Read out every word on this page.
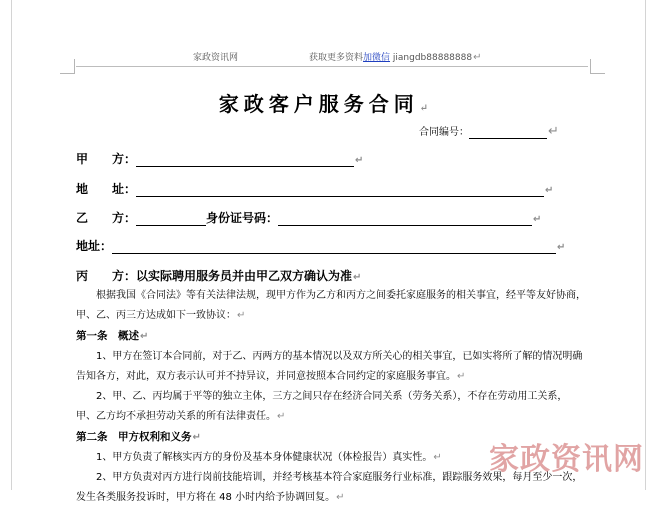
家政资讯网	获取更多资料加微信 jiangdb88888888↵
家政客户服务合同↵
合同编号：	↵
甲　　方：	↵
地　　址：	↵
乙　　方：	身份证号码：	↵
地址：	↵
丙　　方：以实际聘用服务员并由甲乙双方确认为准↵
根据我国《合同法》等有关法律法规，现甲方作为乙方和丙方之间委托家庭服务的相关事宜，经平等友好协商，甲、乙、丙三方达成如下一致协议：↵
第一条　概述↵
1、甲方在签订本合同前，对于乙、丙两方的基本情况以及双方所关心的相关事宜，已如实将所了解的情况明确告知各方，对此，双方表示认可并不持异议，并同意按照本合同约定的家庭服务事宜。↵
2、甲、乙、丙均属于平等的独立主体，三方之间只存在经济合同关系（劳务关系），不存在劳动用工关系，甲、乙方均不承担劳动关系的所有法律责任。↵
第二条　甲方权利和义务↵
1、甲方负责了解核实丙方的身份及基本身体健康状况（体检报告）真实性。↵
2、甲方负责对丙方进行岗前技能培训，并经考核基本符合家庭服务行业标准，跟踪服务效果，每月至少一次，发生各类服务投诉时，甲方将在 48 小时内给予协调回复。↵
家政资讯网
